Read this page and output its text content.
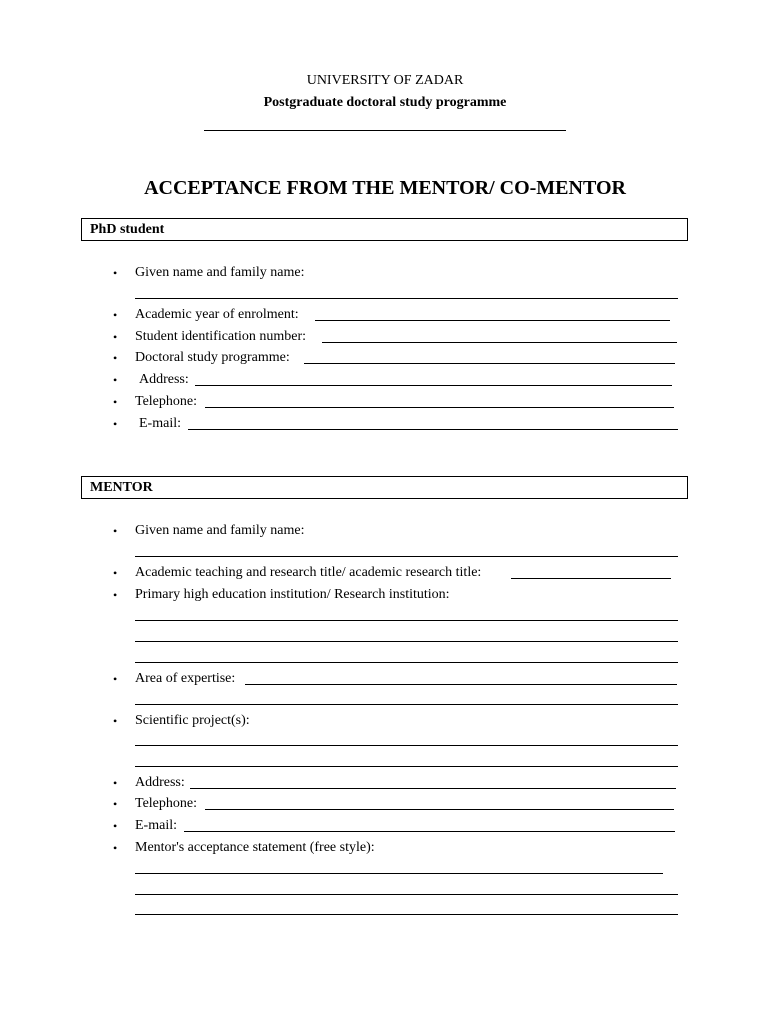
UNIVERSITY OF ZADAR
Postgraduate doctoral study programme
ACCEPTANCE FROM THE MENTOR/ CO-MENTOR
PhD student
• Given name and family name:
• Academic year of enrolment:
• Student identification number:
• Doctoral study programme:
• Address:
• Telephone:
• E-mail:
MENTOR
• Given name and family name:
• Academic teaching and research title/ academic research title:
• Primary high education institution/ Research institution:
• Area of expertise:
• Scientific project(s):
• Address:
• Telephone:
• E-mail:
• Mentor's acceptance statement (free style):
